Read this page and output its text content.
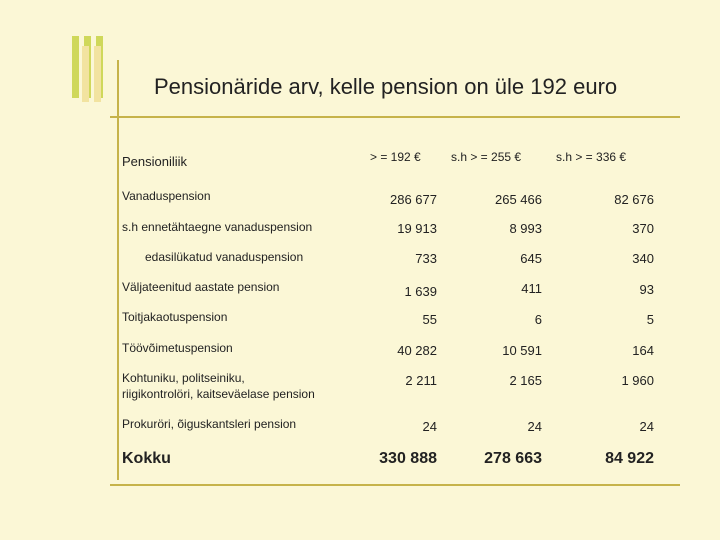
Pensionäride arv, kelle pension on üle 192 euro
Pensioniliik	> = 192 €	s.h > = 255 €	s.h > = 336 €
Vanaduspension	286 677	265 466	82 676
s.h ennetähtaegne vanaduspension	19 913	8 993	370
edasilükatud vanaduspension	733	645	340
Väljateenitud aastate pension	1 639	411	93
Toitjakaotuspension	55	6	5
Töövõimetuspension	40 282	10 591	164
Kohtuniku, politseiniku,
riigikontrolöri, kaitseväelase pension
2 211	2 165	1 960
Prokuröri, õiguskantsleri pension	24	24	24
Kokku	330 888	278 663	84 922
